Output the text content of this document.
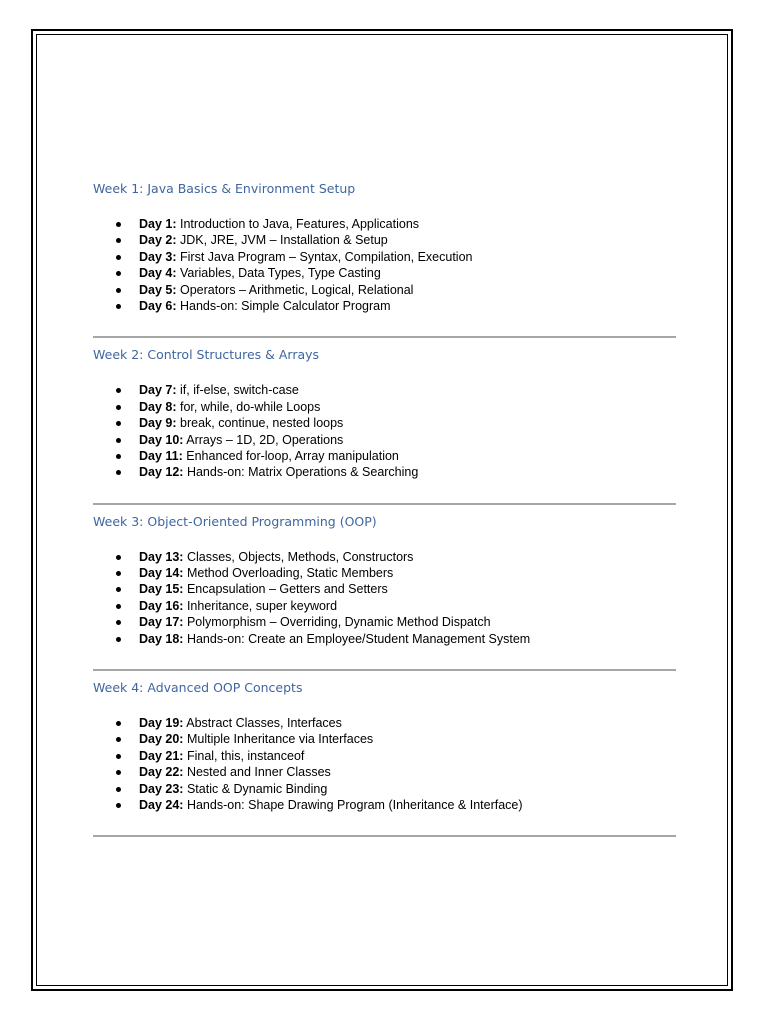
Week 1: Java Basics & Environment Setup
Day 1: Introduction to Java, Features, Applications
Day 2: JDK, JRE, JVM – Installation & Setup
Day 3: First Java Program – Syntax, Compilation, Execution
Day 4: Variables, Data Types, Type Casting
Day 5: Operators – Arithmetic, Logical, Relational
Day 6: Hands-on: Simple Calculator Program
Week 2: Control Structures & Arrays
Day 7: if, if-else, switch-case
Day 8: for, while, do-while Loops
Day 9: break, continue, nested loops
Day 10: Arrays – 1D, 2D, Operations
Day 11: Enhanced for-loop, Array manipulation
Day 12: Hands-on: Matrix Operations & Searching
Week 3: Object-Oriented Programming (OOP)
Day 13: Classes, Objects, Methods, Constructors
Day 14: Method Overloading, Static Members
Day 15: Encapsulation – Getters and Setters
Day 16: Inheritance, super keyword
Day 17: Polymorphism – Overriding, Dynamic Method Dispatch
Day 18: Hands-on: Create an Employee/Student Management System
Week 4: Advanced OOP Concepts
Day 19: Abstract Classes, Interfaces
Day 20: Multiple Inheritance via Interfaces
Day 21: Final, this, instanceof
Day 22: Nested and Inner Classes
Day 23: Static & Dynamic Binding
Day 24: Hands-on: Shape Drawing Program (Inheritance & Interface)
